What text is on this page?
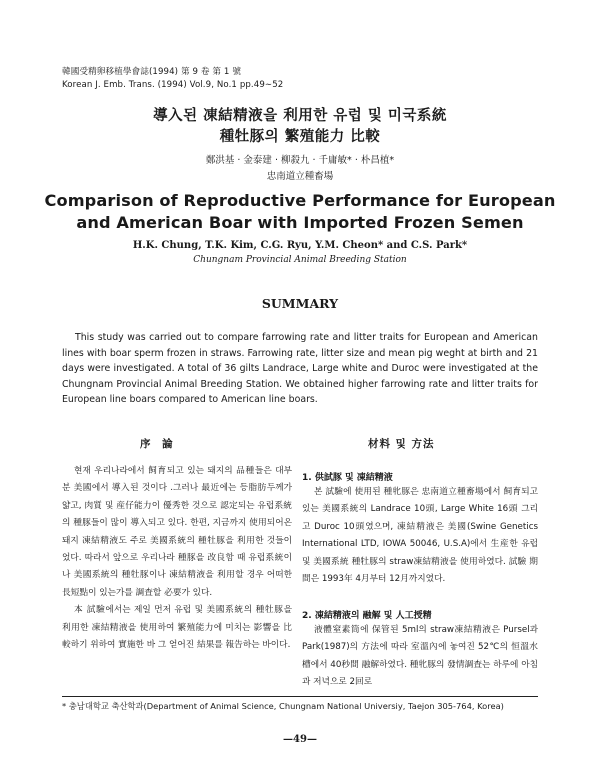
韓國受精卵移植學會誌(1994) 第 9 卷 第 1 號
Korean J. Emb. Trans. (1994) Vol.9, No.1 pp.49∼52
導入된 凍結精液을 利用한 유럽 및 미국系統
種牡豚의 繁殖能力 比較
鄭洪基 · 金泰建 · 柳殺九 · 千庸敏* · 朴昌植*
忠南道立種畜場
Comparison of Reproductive Performance for European
and American Boar with Imported Frozen Semen
H.K. Chung, T.K. Kim, C.G. Ryu, Y.M. Cheon* and C.S. Park*
Chungnam Provincial Animal Breeding Station
SUMMARY

This study was carried out to compare farrowing rate and litter traits for European and American lines with boar sperm frozen in straws. Farrowing rate, litter size and mean pig weght at birth and 21 days were investigated. A total of 36 gilts Landrace, Large white and Duroc were investigated at the Chungnam Provincial Animal Breeding Station. We obtained higher farrowing rate and litter traits for European line boars compared to American line boars.

序 論	材料 및 方法

현재 우리나라에서 飼育되고 있는 돼지의 品種들은 대부분 美國에서 導入된 것이다 .그러나 最近에는 등脂肪두께가 얇고, 肉質 및 産仔能力이 優秀한 것으로 認定되는 유럽系統의 種豚들이 많이 導入되고 있다. 한편, 지금까지 使用되어온 돼지 凍結精液도 주로 美國系統의 種牡豚을 利用한 것들이었다. 따라서 앞으로 우리나라 種豚을 改良함 때 유럽系統이나 美國系統의 種牡豚이나 凍結精液을 利用할 경우 어떠한 長短點이 있는가를 調査할 必要가 있다.

本 試驗에서는 제일 먼저 유럽 및 美國系統의 種牡豚을 利用한 凍結精液을 使用하여 繁殖能力에 미치는 影響을 比較하기 위하여 實施한 바 그 얻어진 結果를 報告하는 바이다.

1. 供試豚 및 凍結精液

본 試驗에 使用된 種牝豚은 忠南道立種畜場에서 飼育되고 있는 美國系統의 Landrace 10頭, Large White 16頭 그리고 Duroc 10頭였으며, 凍結精液은 美國(Swine Genetics International LTD, IOWA 50046, U.S.A)에서 生産한 유럽 및 美國系統 種牡豚의 straw凍結精液을 使用하였다. 試驗 期間은 1993年 4月부터 12月까지였다.

2. 凍結精液의 融解 및 人工授精

液體窒素筒에 保管된 5ml의 straw凍結精液은 Pursel과 Park(1987)의 方法에 따라 室溫內에 놓여진 52℃의 恒溫水槽에서 40秒間 融解하였다. 種牝豚의 發情調査는 하루에 아침과 저녁으로 2回로

* 충남대학교 축산학과(Department of Animal Science, Chungnam National Universiy, Taejon 305-764, Korea)
—49—
